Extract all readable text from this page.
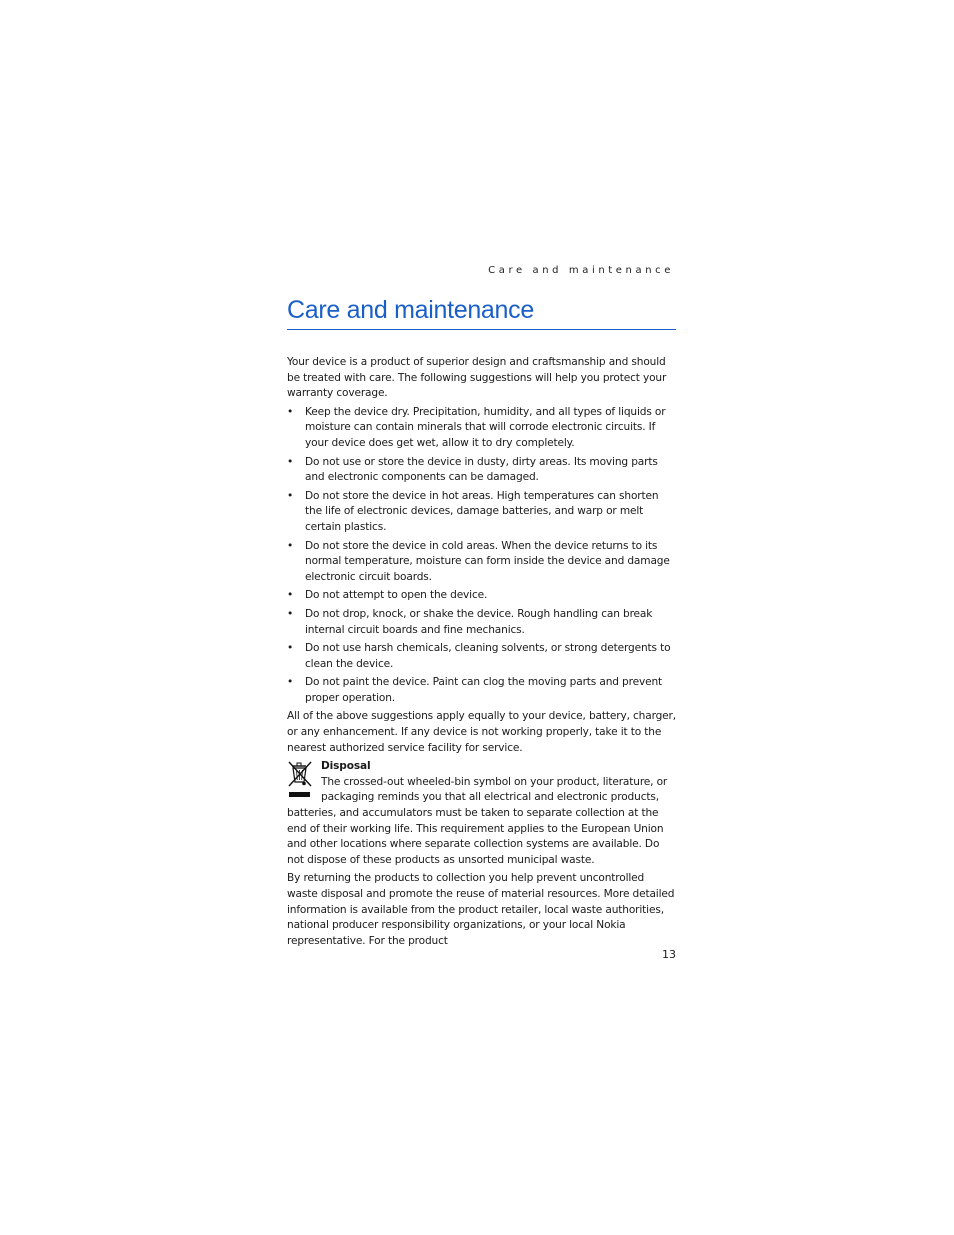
Care and maintenance
Care and maintenance

Your device is a product of superior design and craftsmanship and should be treated with care. The following suggestions will help you protect your warranty coverage.

• Keep the device dry. Precipitation, humidity, and all types of liquids or moisture can contain minerals that will corrode electronic circuits. If your device does get wet, allow it to dry completely.
• Do not use or store the device in dusty, dirty areas. Its moving parts and electronic components can be damaged.
• Do not store the device in hot areas. High temperatures can shorten the life of electronic devices, damage batteries, and warp or melt certain plastics.
• Do not store the device in cold areas. When the device returns to its normal temperature, moisture can form inside the device and damage electronic circuit boards.
• Do not attempt to open the device.
• Do not drop, knock, or shake the device. Rough handling can break internal circuit boards and fine mechanics.
• Do not use harsh chemicals, cleaning solvents, or strong detergents to clean the device.
• Do not paint the device. Paint can clog the moving parts and prevent proper operation.

All of the above suggestions apply equally to your device, battery, charger, or any enhancement. If any device is not working properly, take it to the nearest authorized service facility for service.

Disposal

The crossed-out wheeled-bin symbol on your product, literature, or packaging reminds you that all electrical and electronic products, batteries, and accumulators must be taken to separate collection at the end of their working life. This requirement applies to the European Union and other locations where separate collection systems are available. Do not dispose of these products as unsorted municipal waste.

By returning the products to collection you help prevent uncontrolled waste disposal and promote the reuse of material resources. More detailed information is available from the product retailer, local waste authorities, national producer responsibility organizations, or your local Nokia representative. For the product

13
